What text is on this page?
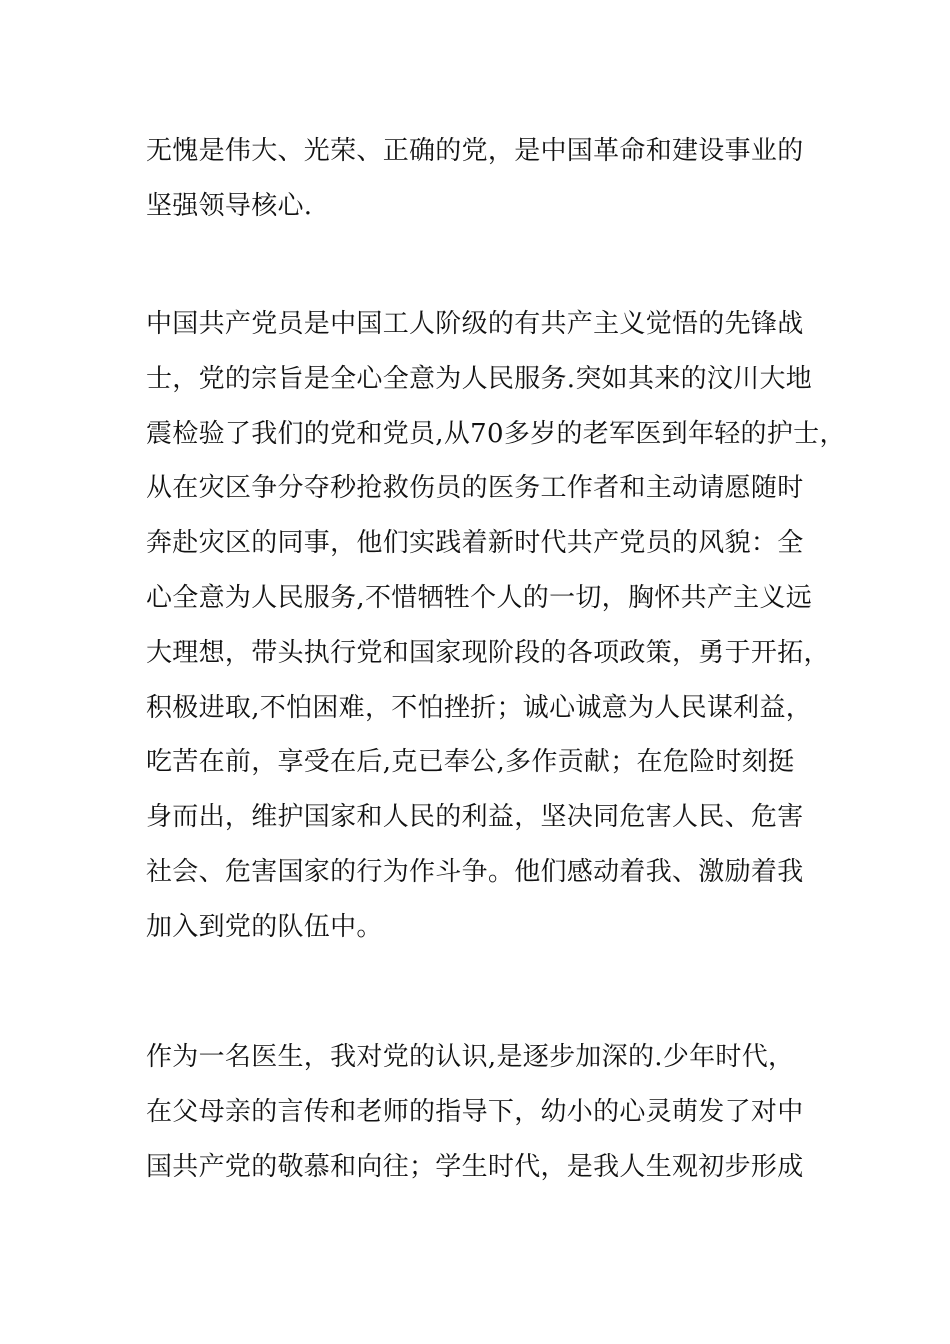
无愧是伟大、光荣、正确的党，是中国革命和建设事业的
坚强领导核心.
中国共产党员是中国工人阶级的有共产主义觉悟的先锋战
士，党的宗旨是全心全意为人民服务.突如其来的汶川大地
震检验了我们的党和党员,从70多岁的老军医到年轻的护士，
从在灾区争分夺秒抢救伤员的医务工作者和主动请愿随时
奔赴灾区的同事，他们实践着新时代共产党员的风貌：全
心全意为人民服务,不惜牺牲个人的一切，胸怀共产主义远
大理想，带头执行党和国家现阶段的各项政策，勇于开拓，
积极进取,不怕困难，不怕挫折；诚心诚意为人民谋利益，
吃苦在前，享受在后,克已奉公,多作贡献；在危险时刻挺
身而出，维护国家和人民的利益，坚决同危害人民、危害
社会、危害国家的行为作斗争。他们感动着我、激励着我
加入到党的队伍中。
作为一名医生，我对党的认识,是逐步加深的.少年时代，
在父母亲的言传和老师的指导下，幼小的心灵萌发了对中
国共产党的敬慕和向往；学生时代，是我人生观初步形成
